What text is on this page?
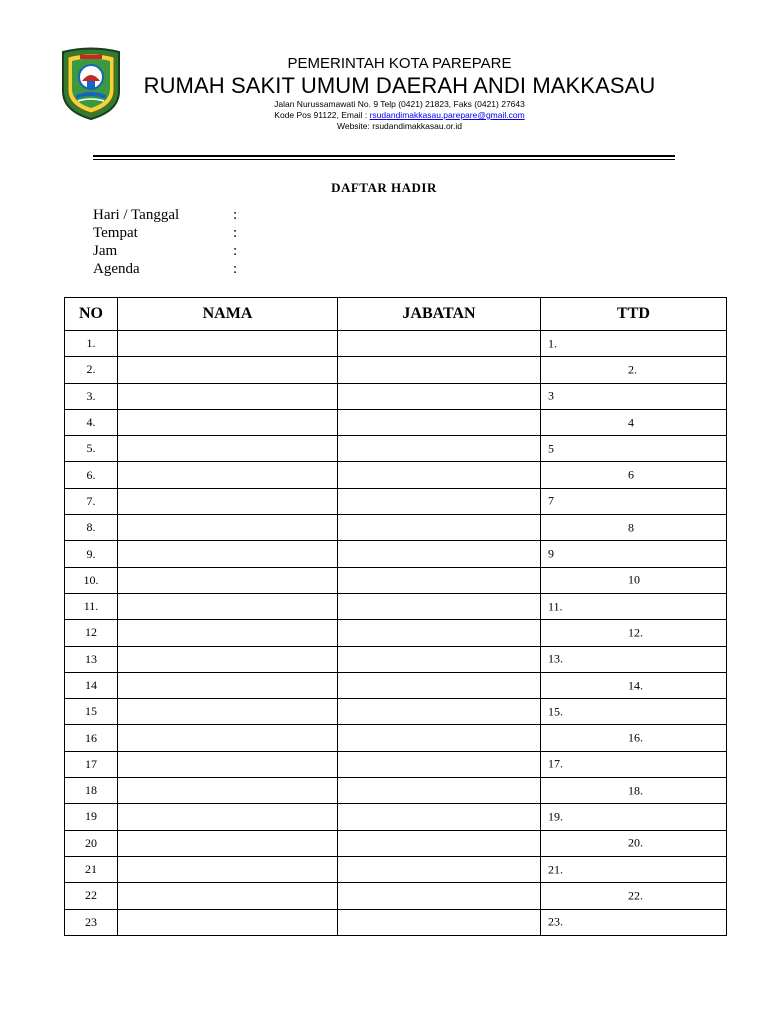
PEMERINTAH KOTA PAREPARE
RUMAH SAKIT UMUM DAERAH ANDI MAKKASAU
Jalan Nurussamawati No. 9 Telp (0421) 21823, Faks (0421) 27643
Kode Pos 91122, Email : rsudandimakkasau.parepare@gmail.com
Website: rsudandimakkasau.or.id
DAFTAR HADIR
Hari / Tanggal	:
Tempat	:
Jam	:
Agenda	:
NO	NAMA	JABATAN	TTD
1.			1.

2.			2.

3.			3

4.			4

5.			5

6.			6

7.			7

8.			8

9.			9

10.			10

11.			11.

12			12.

13			13.

14			14.

15			15.

16			16.

17			17.

18			18.

19			19.

20			20.

21			21.

22			22.

23			23.
